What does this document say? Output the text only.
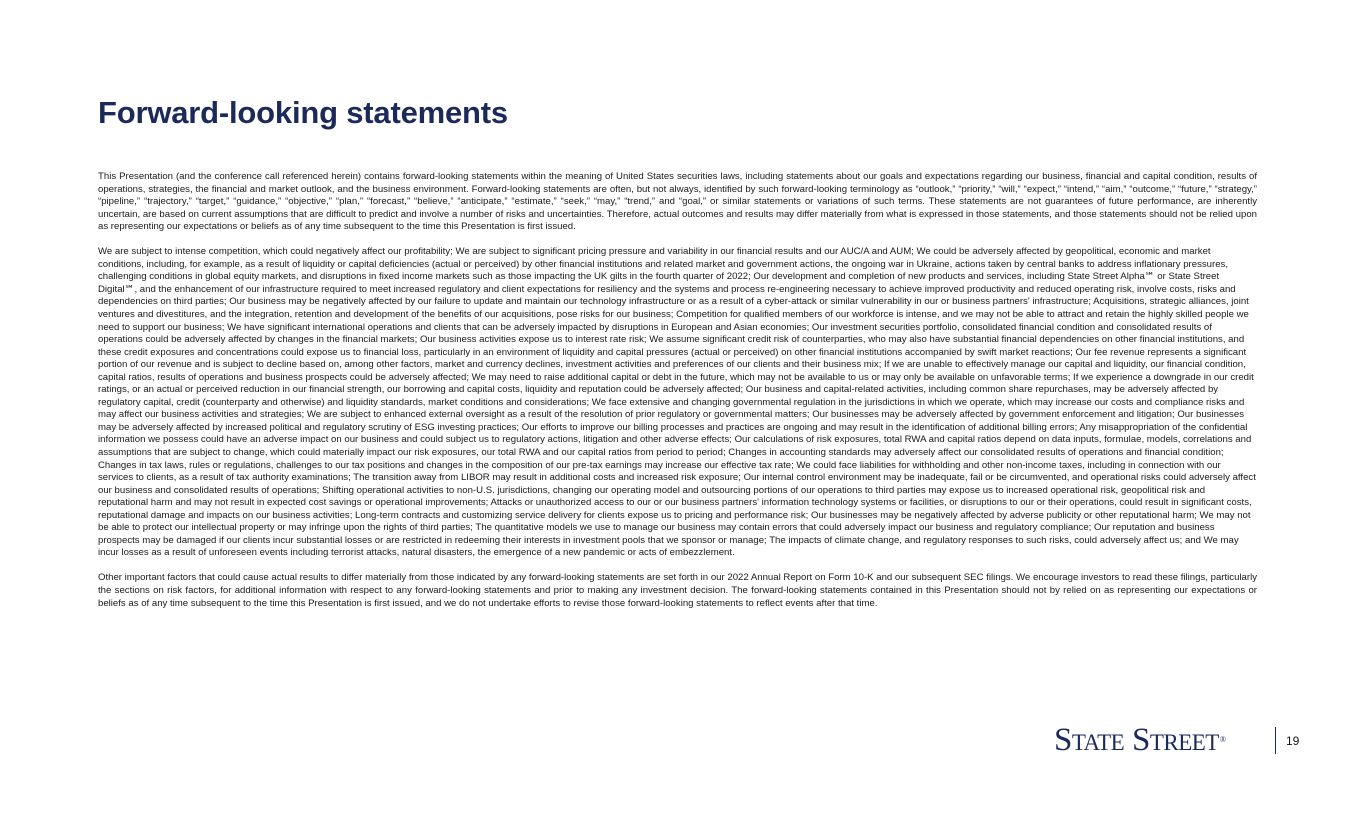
Forward-looking statements

This Presentation (and the conference call referenced herein) contains forward-looking statements within the meaning of United States securities laws, including statements about our goals and expectations regarding our business, financial and capital condition, results of operations, strategies, the financial and market outlook, and the business environment. Forward-looking statements are often, but not always, identified by such forward-looking terminology as “outlook,” “priority,” “will,” “expect,” “intend,” “aim,” “outcome,” “future,” “strategy,” “pipeline,” “trajectory,” “target,” “guidance,” “objective,” “plan,” “forecast,” “believe,” “anticipate,” “estimate,” “seek,” “may,” “trend,” and “goal,” or similar statements or variations of such terms. These statements are not guarantees of future performance, are inherently uncertain, are based on current assumptions that are difficult to predict and involve a number of risks and uncertainties. Therefore, actual outcomes and results may differ materially from what is expressed in those statements, and those statements should not be relied upon as representing our expectations or beliefs as of any time subsequent to the time this Presentation is first issued.

We are subject to intense competition, which could negatively affect our profitability; We are subject to significant pricing pressure and variability in our financial results and our AUC/A and AUM; We could be adversely affected by geopolitical, economic and market conditions, including, for example, as a result of liquidity or capital deficiencies (actual or perceived) by other financial institutions and related market and government actions, the ongoing war in Ukraine, actions taken by central banks to address inflationary pressures, challenging conditions in global equity markets, and disruptions in fixed income markets such as those impacting the UK gilts in the fourth quarter of 2022; Our development and completion of new products and services, including State Street Alpha℠ or State Street Digital℠, and the enhancement of our infrastructure required to meet increased regulatory and client expectations for resiliency and the systems and process re-engineering necessary to achieve improved productivity and reduced operating risk, involve costs, risks and dependencies on third parties; Our business may be negatively affected by our failure to update and maintain our technology infrastructure or as a result of a cyber-attack or similar vulnerability in our or business partners' infrastructure; Acquisitions, strategic alliances, joint ventures and divestitures, and the integration, retention and development of the benefits of our acquisitions, pose risks for our business; Competition for qualified members of our workforce is intense, and we may not be able to attract and retain the highly skilled people we need to support our business; We have significant international operations and clients that can be adversely impacted by disruptions in European and Asian economies; Our investment securities portfolio, consolidated financial condition and consolidated results of operations could be adversely affected by changes in the financial markets; Our business activities expose us to interest rate risk; We assume significant credit risk of counterparties, who may also have substantial financial dependencies on other financial institutions, and these credit exposures and concentrations could expose us to financial loss, particularly in an environment of liquidity and capital pressures (actual or perceived) on other financial institutions accompanied by swift market reactions; Our fee revenue represents a significant portion of our revenue and is subject to decline based on, among other factors, market and currency declines, investment activities and preferences of our clients and their business mix; If we are unable to effectively manage our capital and liquidity, our financial condition, capital ratios, results of operations and business prospects could be adversely affected; We may need to raise additional capital or debt in the future, which may not be available to us or may only be available on unfavorable terms; If we experience a downgrade in our credit ratings, or an actual or perceived reduction in our financial strength, our borrowing and capital costs, liquidity and reputation could be adversely affected; Our business and capital-related activities, including common share repurchases, may be adversely affected by regulatory capital, credit (counterparty and otherwise) and liquidity standards, market conditions and considerations; We face extensive and changing governmental regulation in the jurisdictions in which we operate, which may increase our costs and compliance risks and may affect our business activities and strategies; We are subject to enhanced external oversight as a result of the resolution of prior regulatory or governmental matters; Our businesses may be adversely affected by government enforcement and litigation; Our businesses may be adversely affected by increased political and regulatory scrutiny of ESG investing practices; Our efforts to improve our billing processes and practices are ongoing and may result in the identification of additional billing errors; Any misappropriation of the confidential information we possess could have an adverse impact on our business and could subject us to regulatory actions, litigation and other adverse effects; Our calculations of risk exposures, total RWA and capital ratios depend on data inputs, formulae, models, correlations and assumptions that are subject to change, which could materially impact our risk exposures, our total RWA and our capital ratios from period to period; Changes in accounting standards may adversely affect our consolidated results of operations and financial condition; Changes in tax laws, rules or regulations, challenges to our tax positions and changes in the composition of our pre-tax earnings may increase our effective tax rate; We could face liabilities for withholding and other non-income taxes, including in connection with our services to clients, as a result of tax authority examinations; The transition away from LIBOR may result in additional costs and increased risk exposure; Our internal control environment may be inadequate, fail or be circumvented, and operational risks could adversely affect our business and consolidated results of operations; Shifting operational activities to non-U.S. jurisdictions, changing our operating model and outsourcing portions of our operations to third parties may expose us to increased operational risk, geopolitical risk and reputational harm and may not result in expected cost savings or operational improvements; Attacks or unauthorized access to our or our business partners' information technology systems or facilities, or disruptions to our or their operations, could result in significant costs, reputational damage and impacts on our business activities; Long-term contracts and customizing service delivery for clients expose us to pricing and performance risk; Our businesses may be negatively affected by adverse publicity or other reputational harm; We may not be able to protect our intellectual property or may infringe upon the rights of third parties; The quantitative models we use to manage our business may contain errors that could adversely impact our business and regulatory compliance; Our reputation and business prospects may be damaged if our clients incur substantial losses or are restricted in redeeming their interests in investment pools that we sponsor or manage; The impacts of climate change, and regulatory responses to such risks, could adversely affect us; and We may incur losses as a result of unforeseen events including terrorist attacks, natural disasters, the emergence of a new pandemic or acts of embezzlement.

Other important factors that could cause actual results to differ materially from those indicated by any forward-looking statements are set forth in our 2022 Annual Report on Form 10-K and our subsequent SEC filings. We encourage investors to read these filings, particularly the sections on risk factors, for additional information with respect to any forward-looking statements and prior to making any investment decision. The forward-looking statements contained in this Presentation should not by relied on as representing our expectations or beliefs as of any time subsequent to the time this Presentation is first issued, and we do not undertake efforts to revise those forward-looking statements to reflect events after that time.

State Street®	19
